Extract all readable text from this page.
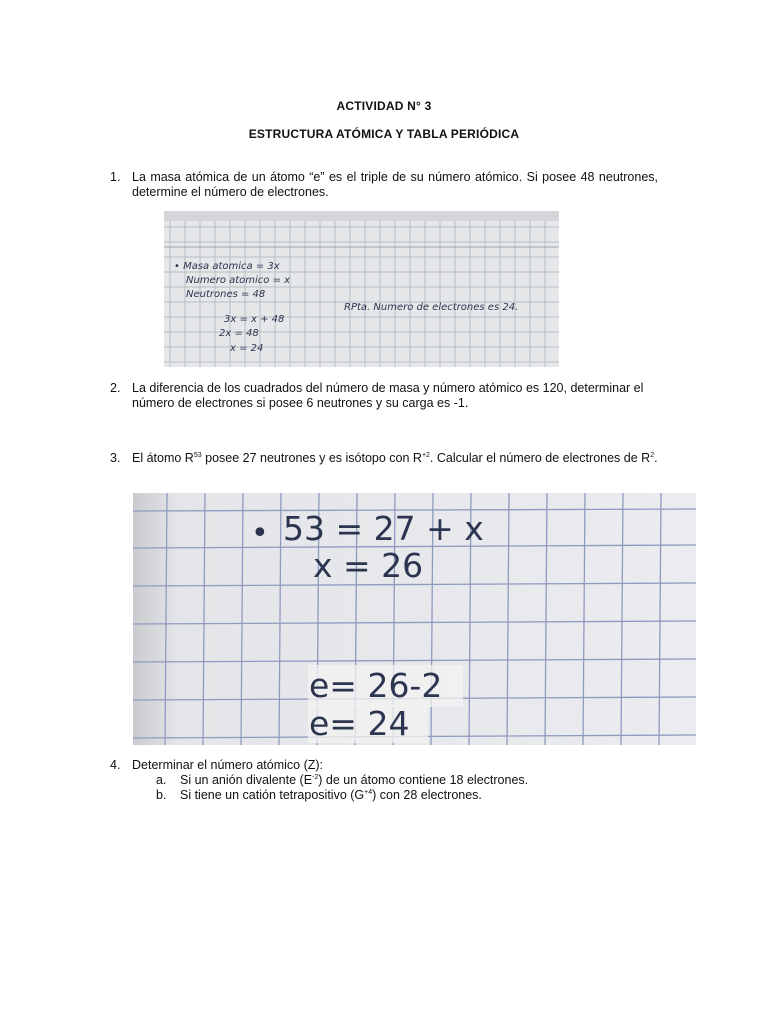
ACTIVIDAD N° 3
ESTRUCTURA ATÓMICA Y TABLA PERIÓDICA
1. La masa atómica de un átomo “e” es el triple de su número atómico. Si posee 48 neutrones, determine el número de electrones.
• Masa atomica = 3x
Numero atomico = x
Neutrones = 48
3x = x + 48
2x = 48
x = 24
RPta. Numero de electrones es 24.
2. La diferencia de los cuadrados del número de masa y número atómico es 120, determinar el número de electrones si posee 6 neutrones y su carga es -1.
3. El átomo $R^{53}$ posee 27 neutrones y es isótopo con $R^{+2}$. Calcular el número de electrones de $R^2$.
• 53 = 27 + x
x = 26
e= 26-2
e= 24
4. Determinar el número atómico (Z):
a. Si un anión divalente $(E^{-2})$ de un átomo contiene 18 electrones.
b. Si tiene un catión tetrapositivo $(G^{+4})$ con 28 electrones.
